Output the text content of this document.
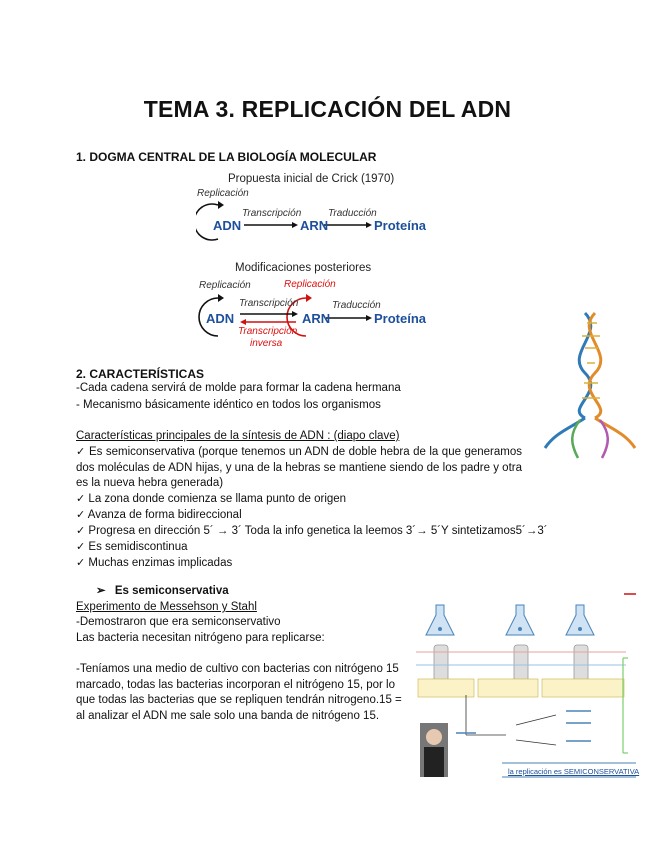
TEMA 3. REPLICACIÓN DEL ADN
1. DOGMA CENTRAL DE LA BIOLOGÍA MOLECULAR
Propuesta inicial de Crick (1970)
Replicación
Transcripción	Traducción
ADN	ARN	Proteína
Modificaciones posteriores
Replicación	Replicación
Transcripción	Traducción
ADN	ARN	Proteína
Transcripción
inversa
2. CARACTERÍSTICAS
-Cada cadena servirá de molde para formar la cadena hermana
- Mecanismo básicamente idéntico en todos los organismos
Características principales de la síntesis de ADN : (diapo clave)
✓ Es semiconservativa (porque tenemos un ADN de doble hebra de la que generamos dos moléculas de ADN hijas, y una de la hebras se mantiene siendo de los padre y otra es la nueva hebra generada)
✓ La zona donde comienza se llama punto de origen
✓ Avanza de forma bidireccional
✓ Progresa en dirección 5´ → 3´ Toda la info genetica la leemos 3´→ 5´Y sintetizamos5´→3´
✓ Es semidiscontinua
✓ Muchas enzimas implicadas
➢ Es semiconservativa
Experimento de Messehson y Stahl
-Demostraron que era semiconservativo
Las bacteria necesitan nitrógeno para replicarse:
-Teníamos una medio de cultivo con bacterias con nitrógeno 15 marcado, todas las bacterias incorporan el nitrógeno 15, por lo que todas las bacterias que se repliquen tendrán nitrogeno.15 = al analizar el ADN me sale solo una banda de nitrógeno 15.
la replicación es SEMICONSERVATIVA
